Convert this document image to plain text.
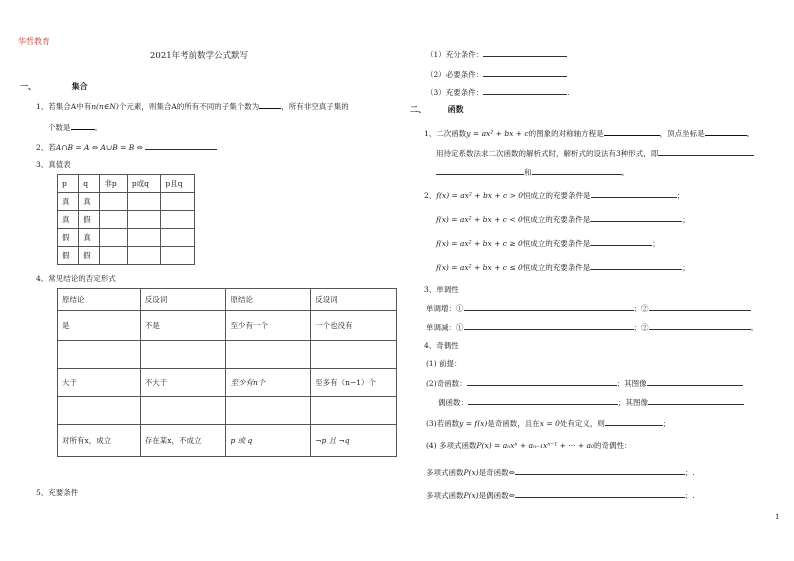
华哲教育
2021年考前数学公式默写
一、	集合
1、若集合A中有n(n∈N)个元素，则集合A的所有不同的子集个数为	，所有非空真子集的
个数是	。
2、若A∩B = A ⇔ A∪B = B ⇔
3、真值表
p	q	非p	p或q	p且q
真	真			
真	假			
假	真			
假	假			
4、常见结论的否定形式
原结论	反设词	原结论	反设词
是	不是	至少有一个	一个也没有

大于	不大于	至少有n个	至多有（n−1）个

对所有x，成立	存在某x，不成立	p 或 q	¬p 且 ¬q
5、充要条件
（1）充分条件：
（2）必要条件：
（3）充要条件：	.
二、	函数
1、二次函数y = ax² + bx + c的图象的对称轴方程是	，顶点坐标是	。
用待定系数法求二次函数的解析式时，解析式的设法有3种形式，即
和	。
2、f(x) = ax² + bx + c > 0恒成立的充要条件是	；
f(x) = ax² + bx + c < 0恒成立的充要条件是	；
f(x) = ax² + bx + c ≥ 0恒成立的充要条件是	；
f(x) = ax² + bx + c ≤ 0恒成立的充要条件是	；
3、单调性
单调增：①	；②
单调减：①	；②	。
4、奇偶性
(1) 前提：
(2)奇函数：	；其图像
偶函数：	；其图像
(3)若函数y = f(x)是奇函数，且在x = 0处有定义，则	；
(4) 多项式函数P(x) = aₙxⁿ + aₙ₋₁xⁿ⁻¹ + ··· + a₀的奇偶性：
多项式函数P(x)是奇函数⇔	；.
多项式函数P(x)是偶函数⇔	；.
1
